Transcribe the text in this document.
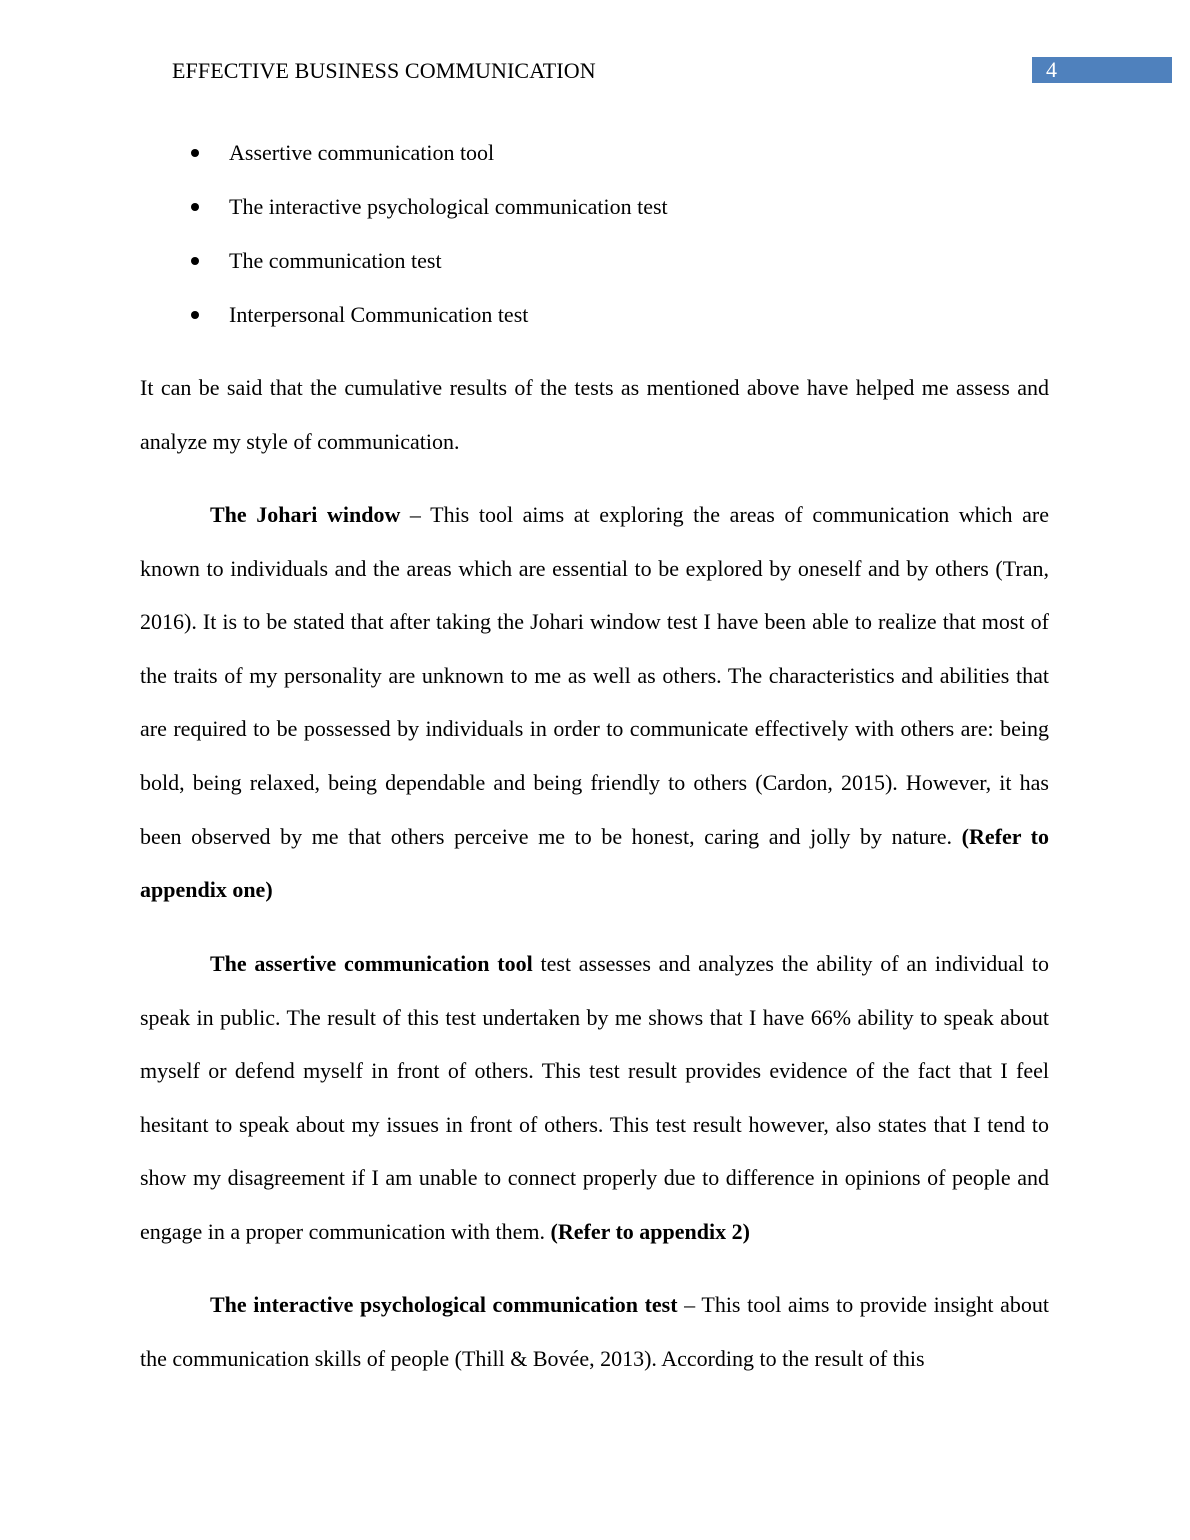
EFFECTIVE BUSINESS COMMUNICATION	4
Assertive communication tool
The interactive psychological communication test
The communication test
Interpersonal Communication test

It can be said that the cumulative results of the tests as mentioned above have helped me assess and analyze my style of communication.

The Johari window – This tool aims at exploring the areas of communication which are known to individuals and the areas which are essential to be explored by oneself and by others (Tran, 2016). It is to be stated that after taking the Johari window test I have been able to realize that most of the traits of my personality are unknown to me as well as others. The characteristics and abilities that are required to be possessed by individuals in order to communicate effectively with others are: being bold, being relaxed, being dependable and being friendly to others (Cardon, 2015). However, it has been observed by me that others perceive me to be honest, caring and jolly by nature. (Refer to appendix one)

The assertive communication tool test assesses and analyzes the ability of an individual to speak in public. The result of this test undertaken by me shows that I have 66% ability to speak about myself or defend myself in front of others. This test result provides evidence of the fact that I feel hesitant to speak about my issues in front of others. This test result however, also states that I tend to show my disagreement if I am unable to connect properly due to difference in opinions of people and engage in a proper communication with them. (Refer to appendix 2)

The interactive psychological communication test – This tool aims to provide insight about the communication skills of people (Thill & Bovée, 2013). According to the result of this
